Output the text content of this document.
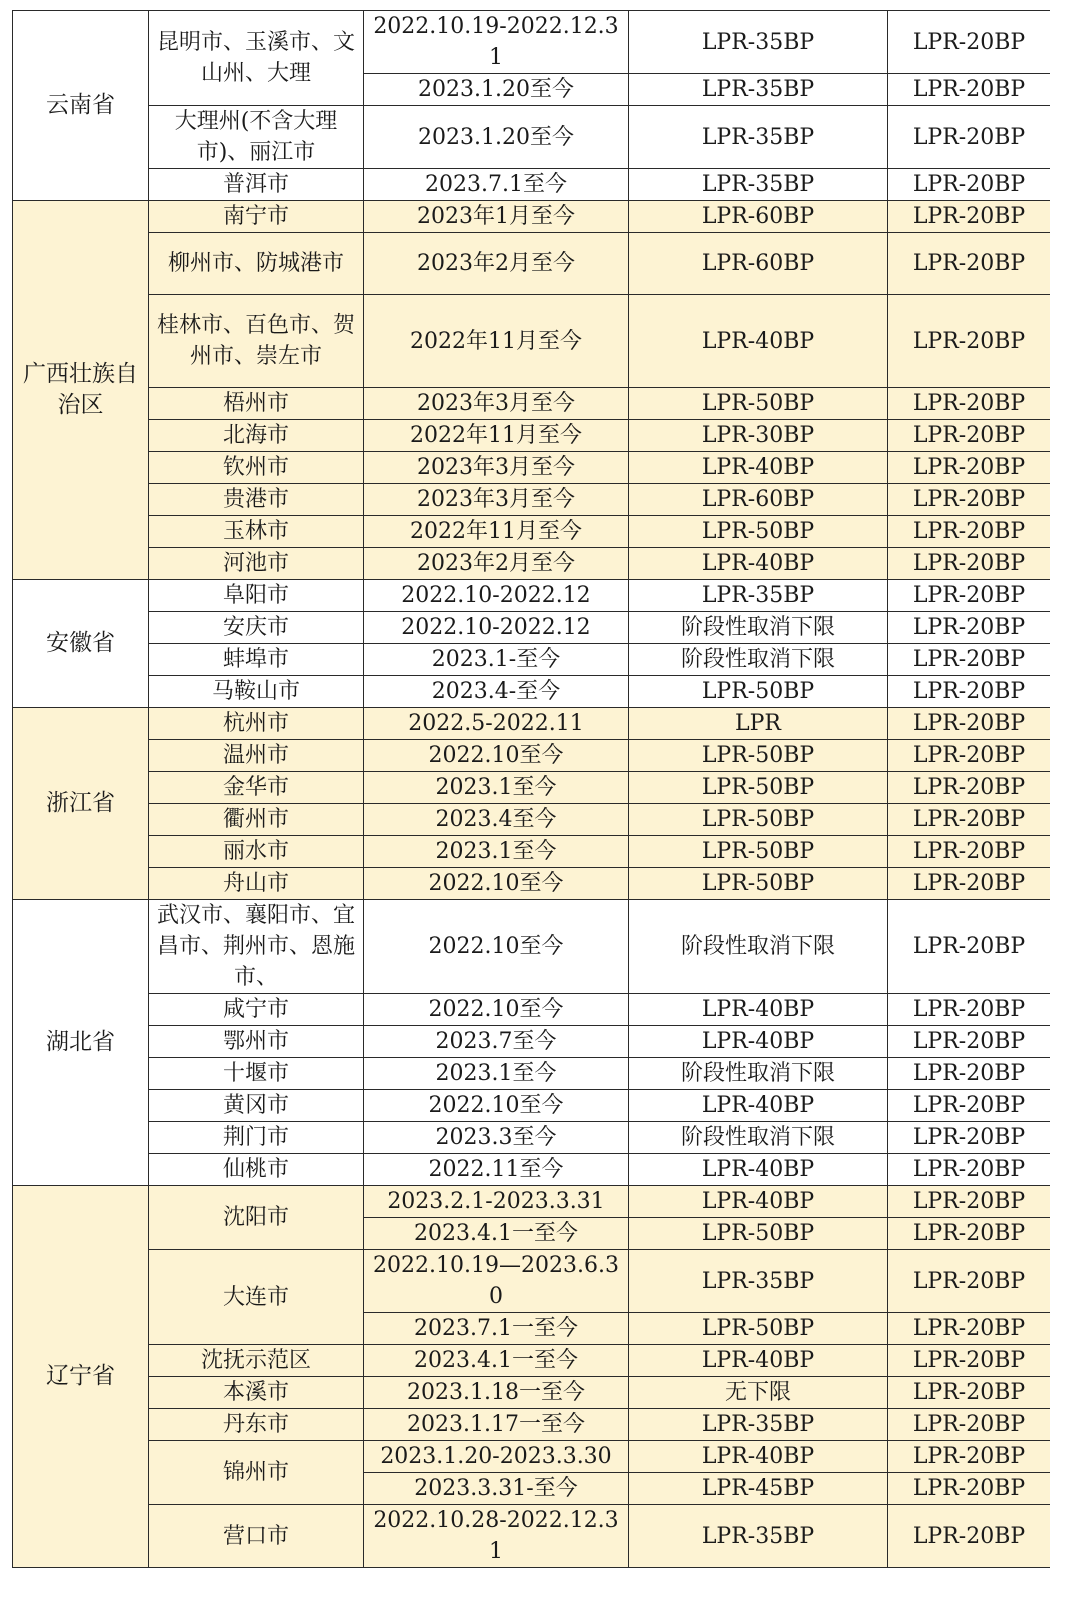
云南省	昆明市、玉溪市、文山州、大理	2022.10.19-2022.12.31	LPR-35BP	LPR-20BP
		2023.1.20至今	LPR-35BP	LPR-20BP
	大理州(不含大理市)、丽江市	2023.1.20至今	LPR-35BP	LPR-20BP
	普洱市	2023.7.1至今	LPR-35BP	LPR-20BP
广西壮族自治区	南宁市	2023年1月至今	LPR-60BP	LPR-20BP
	柳州市、防城港市	2023年2月至今	LPR-60BP	LPR-20BP
	桂林市、百色市、贺州市、崇左市	2022年11月至今	LPR-40BP	LPR-20BP
	梧州市	2023年3月至今	LPR-50BP	LPR-20BP
	北海市	2022年11月至今	LPR-30BP	LPR-20BP
	钦州市	2023年3月至今	LPR-40BP	LPR-20BP
	贵港市	2023年3月至今	LPR-60BP	LPR-20BP
	玉林市	2022年11月至今	LPR-50BP	LPR-20BP
	河池市	2023年2月至今	LPR-40BP	LPR-20BP
安徽省	阜阳市	2022.10-2022.12	LPR-35BP	LPR-20BP
	安庆市	2022.10-2022.12	阶段性取消下限	LPR-20BP
	蚌埠市	2023.1-至今	阶段性取消下限	LPR-20BP
	马鞍山市	2023.4-至今	LPR-50BP	LPR-20BP
浙江省	杭州市	2022.5-2022.11	LPR	LPR-20BP
	温州市	2022.10至今	LPR-50BP	LPR-20BP
	金华市	2023.1至今	LPR-50BP	LPR-20BP
	衢州市	2023.4至今	LPR-50BP	LPR-20BP
	丽水市	2023.1至今	LPR-50BP	LPR-20BP
	舟山市	2022.10至今	LPR-50BP	LPR-20BP
湖北省	武汉市、襄阳市、宜昌市、荆州市、恩施市、	2022.10至今	阶段性取消下限	LPR-20BP
	咸宁市	2022.10至今	LPR-40BP	LPR-20BP
	鄂州市	2023.7至今	LPR-40BP	LPR-20BP
	十堰市	2023.1至今	阶段性取消下限	LPR-20BP
	黄冈市	2022.10至今	LPR-40BP	LPR-20BP
	荆门市	2023.3至今	阶段性取消下限	LPR-20BP
	仙桃市	2022.11至今	LPR-40BP	LPR-20BP
辽宁省	沈阳市	2023.2.1-2023.3.31	LPR-40BP	LPR-20BP
		2023.4.1一至今	LPR-50BP	LPR-20BP
	大连市	2022.10.19—2023.6.30	LPR-35BP	LPR-20BP
		2023.7.1一至今	LPR-50BP	LPR-20BP
	沈抚示范区	2023.4.1一至今	LPR-40BP	LPR-20BP
	本溪市	2023.1.18一至今	无下限	LPR-20BP
	丹东市	2023.1.17一至今	LPR-35BP	LPR-20BP
	锦州市	2023.1.20-2023.3.30	LPR-40BP	LPR-20BP
		2023.3.31-至今	LPR-45BP	LPR-20BP
	营口市	2022.10.28-2022.12.31	LPR-35BP	LPR-20BP
